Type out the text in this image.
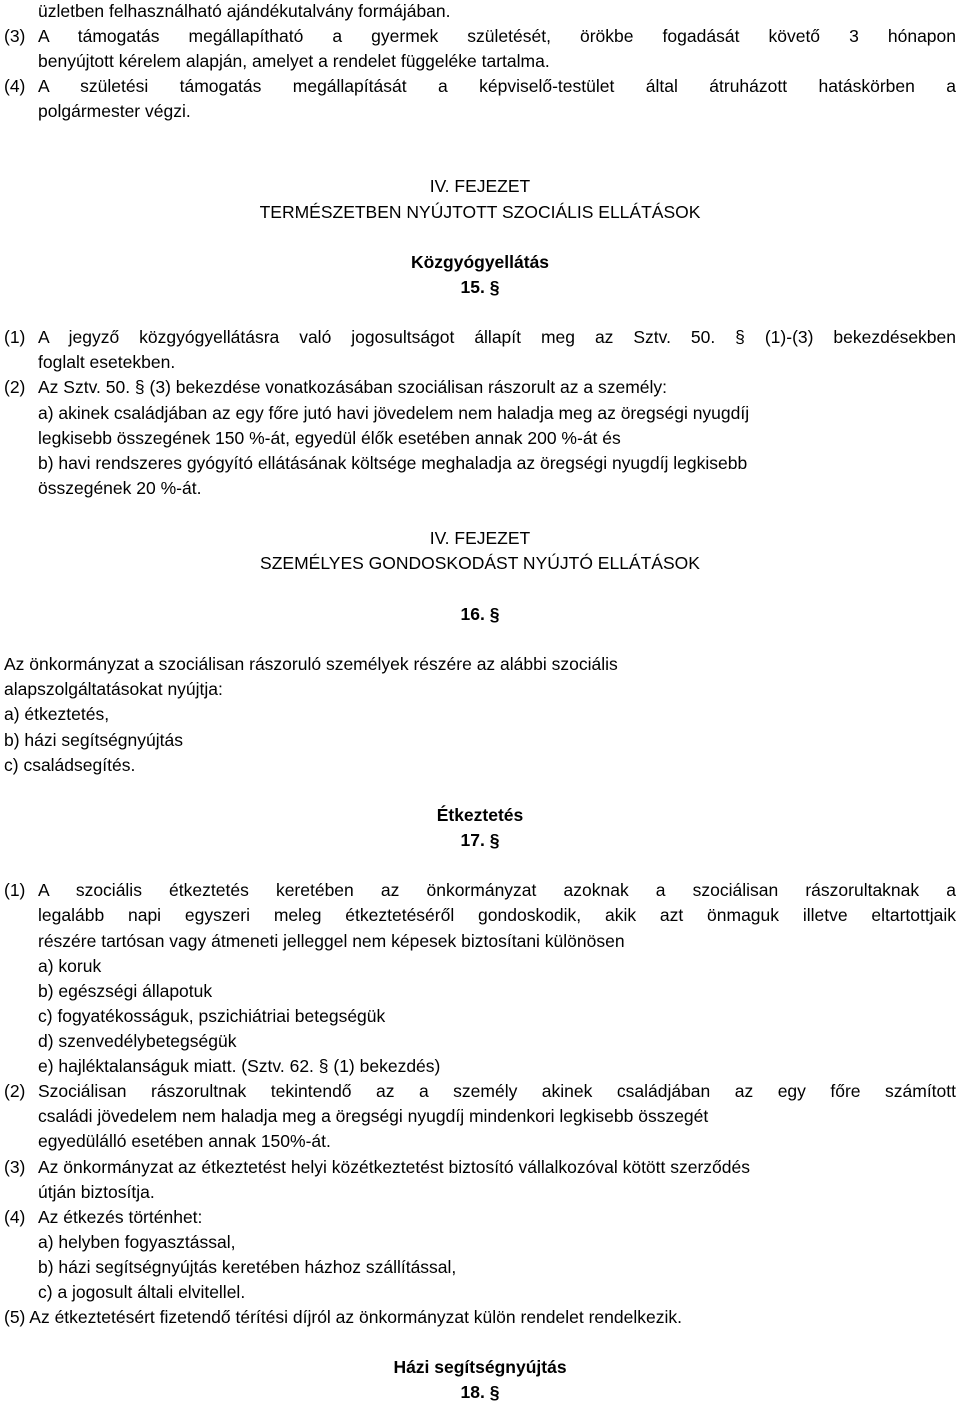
üzletben felhasználható ajándékutalvány formájában.
(3) A támogatás megállapítható a gyermek születését, örökbe fogadását követő 3 hónapon
benyújtott kérelem alapján, amelyet a rendelet függeléke tartalma.
(4) A születési támogatás megállapítását a képviselő-testület által átruházott hatáskörben a
polgármester végzi.
IV. FEJEZET
TERMÉSZETBEN NYÚJTOTT SZOCIÁLIS ELLÁTÁSOK
Közgyógyellátás
15. §
(1) A jegyző közgyógyellátásra való jogosultságot állapít meg az Sztv. 50. § (1)-(3) bekezdésekben
foglalt esetekben.
(2) Az Sztv. 50. § (3) bekezdése vonatkozásában szociálisan rászorult az a személy:
a) akinek családjában az egy főre jutó havi jövedelem nem haladja meg az öregségi nyugdíj
legkisebb összegének 150 %-át, egyedül élők esetében annak 200 %-át és
b) havi rendszeres gyógyító ellátásának költsége meghaladja az öregségi nyugdíj legkisebb
összegének 20 %-át.
IV. FEJEZET
SZEMÉLYES GONDOSKODÁST NYÚJTÓ ELLÁTÁSOK
16. §
Az önkormányzat a szociálisan rászoruló személyek részére az alábbi szociális
alapszolgáltatásokat nyújtja:
a) étkeztetés,
b) házi segítségnyújtás
c) családsegítés.
Étkeztetés
17. §
(1) A szociális étkeztetés keretében az önkormányzat azoknak a szociálisan rászorultaknak a
legalább napi egyszeri meleg étkeztetéséről gondoskodik, akik azt önmaguk illetve eltartottjaik
részére tartósan vagy átmeneti jelleggel nem képesek biztosítani különösen
a) koruk
b) egészségi állapotuk
c) fogyatékosságuk, pszichiátriai betegségük
d) szenvedélybetegségük
e) hajléktalanságuk miatt. (Sztv. 62. § (1) bekezdés)
(2) Szociálisan rászorultnak tekintendő az a személy akinek családjában az egy főre számított
családi jövedelem nem haladja meg a öregségi nyugdíj mindenkori legkisebb összegét
egyedülálló esetében annak 150%-át.
(3) Az önkormányzat az étkeztetést helyi közétkeztetést biztosító vállalkozóval kötött szerződés
útján biztosítja.
(4) Az étkezés történhet:
a) helyben fogyasztással,
b) házi segítségnyújtás keretében házhoz szállítással,
c) a jogosult általi elvitellel.
(5) Az étkeztetésért fizetendő térítési díjról az önkormányzat külön rendelet rendelkezik.
Házi segítségnyújtás
18. §
